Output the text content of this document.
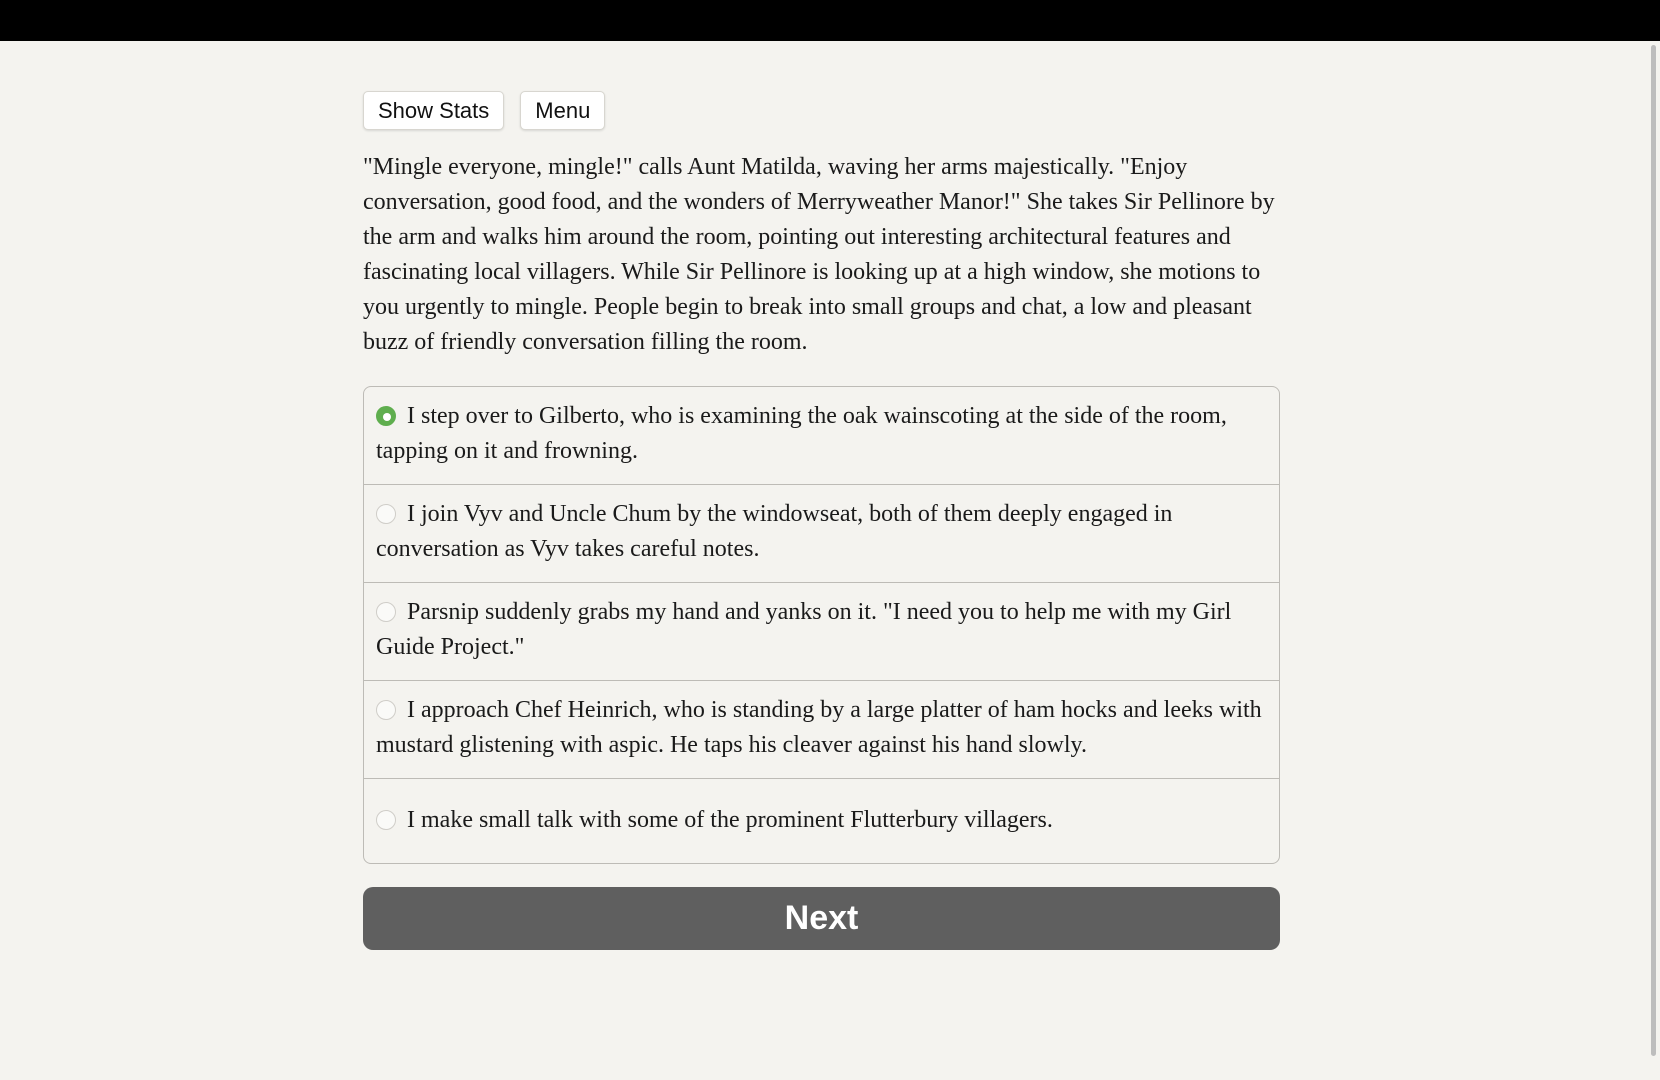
Show Stats	Menu
"Mingle everyone, mingle!" calls Aunt Matilda, waving her arms majestically. "Enjoy conversation, good food, and the wonders of Merryweather Manor!" She takes Sir Pellinore by the arm and walks him around the room, pointing out interesting architectural features and fascinating local villagers. While Sir Pellinore is looking up at a high window, she motions to you urgently to mingle. People begin to break into small groups and chat, a low and pleasant buzz of friendly conversation filling the room.
I step over to Gilberto, who is examining the oak wainscoting at the side of the room, tapping on it and frowning.
I join Vyv and Uncle Chum by the windowseat, both of them deeply engaged in conversation as Vyv takes careful notes.
Parsnip suddenly grabs my hand and yanks on it. "I need you to help me with my Girl Guide Project."
I approach Chef Heinrich, who is standing by a large platter of ham hocks and leeks with mustard glistening with aspic. He taps his cleaver against his hand slowly.
I make small talk with some of the prominent Flutterbury villagers.
Next
